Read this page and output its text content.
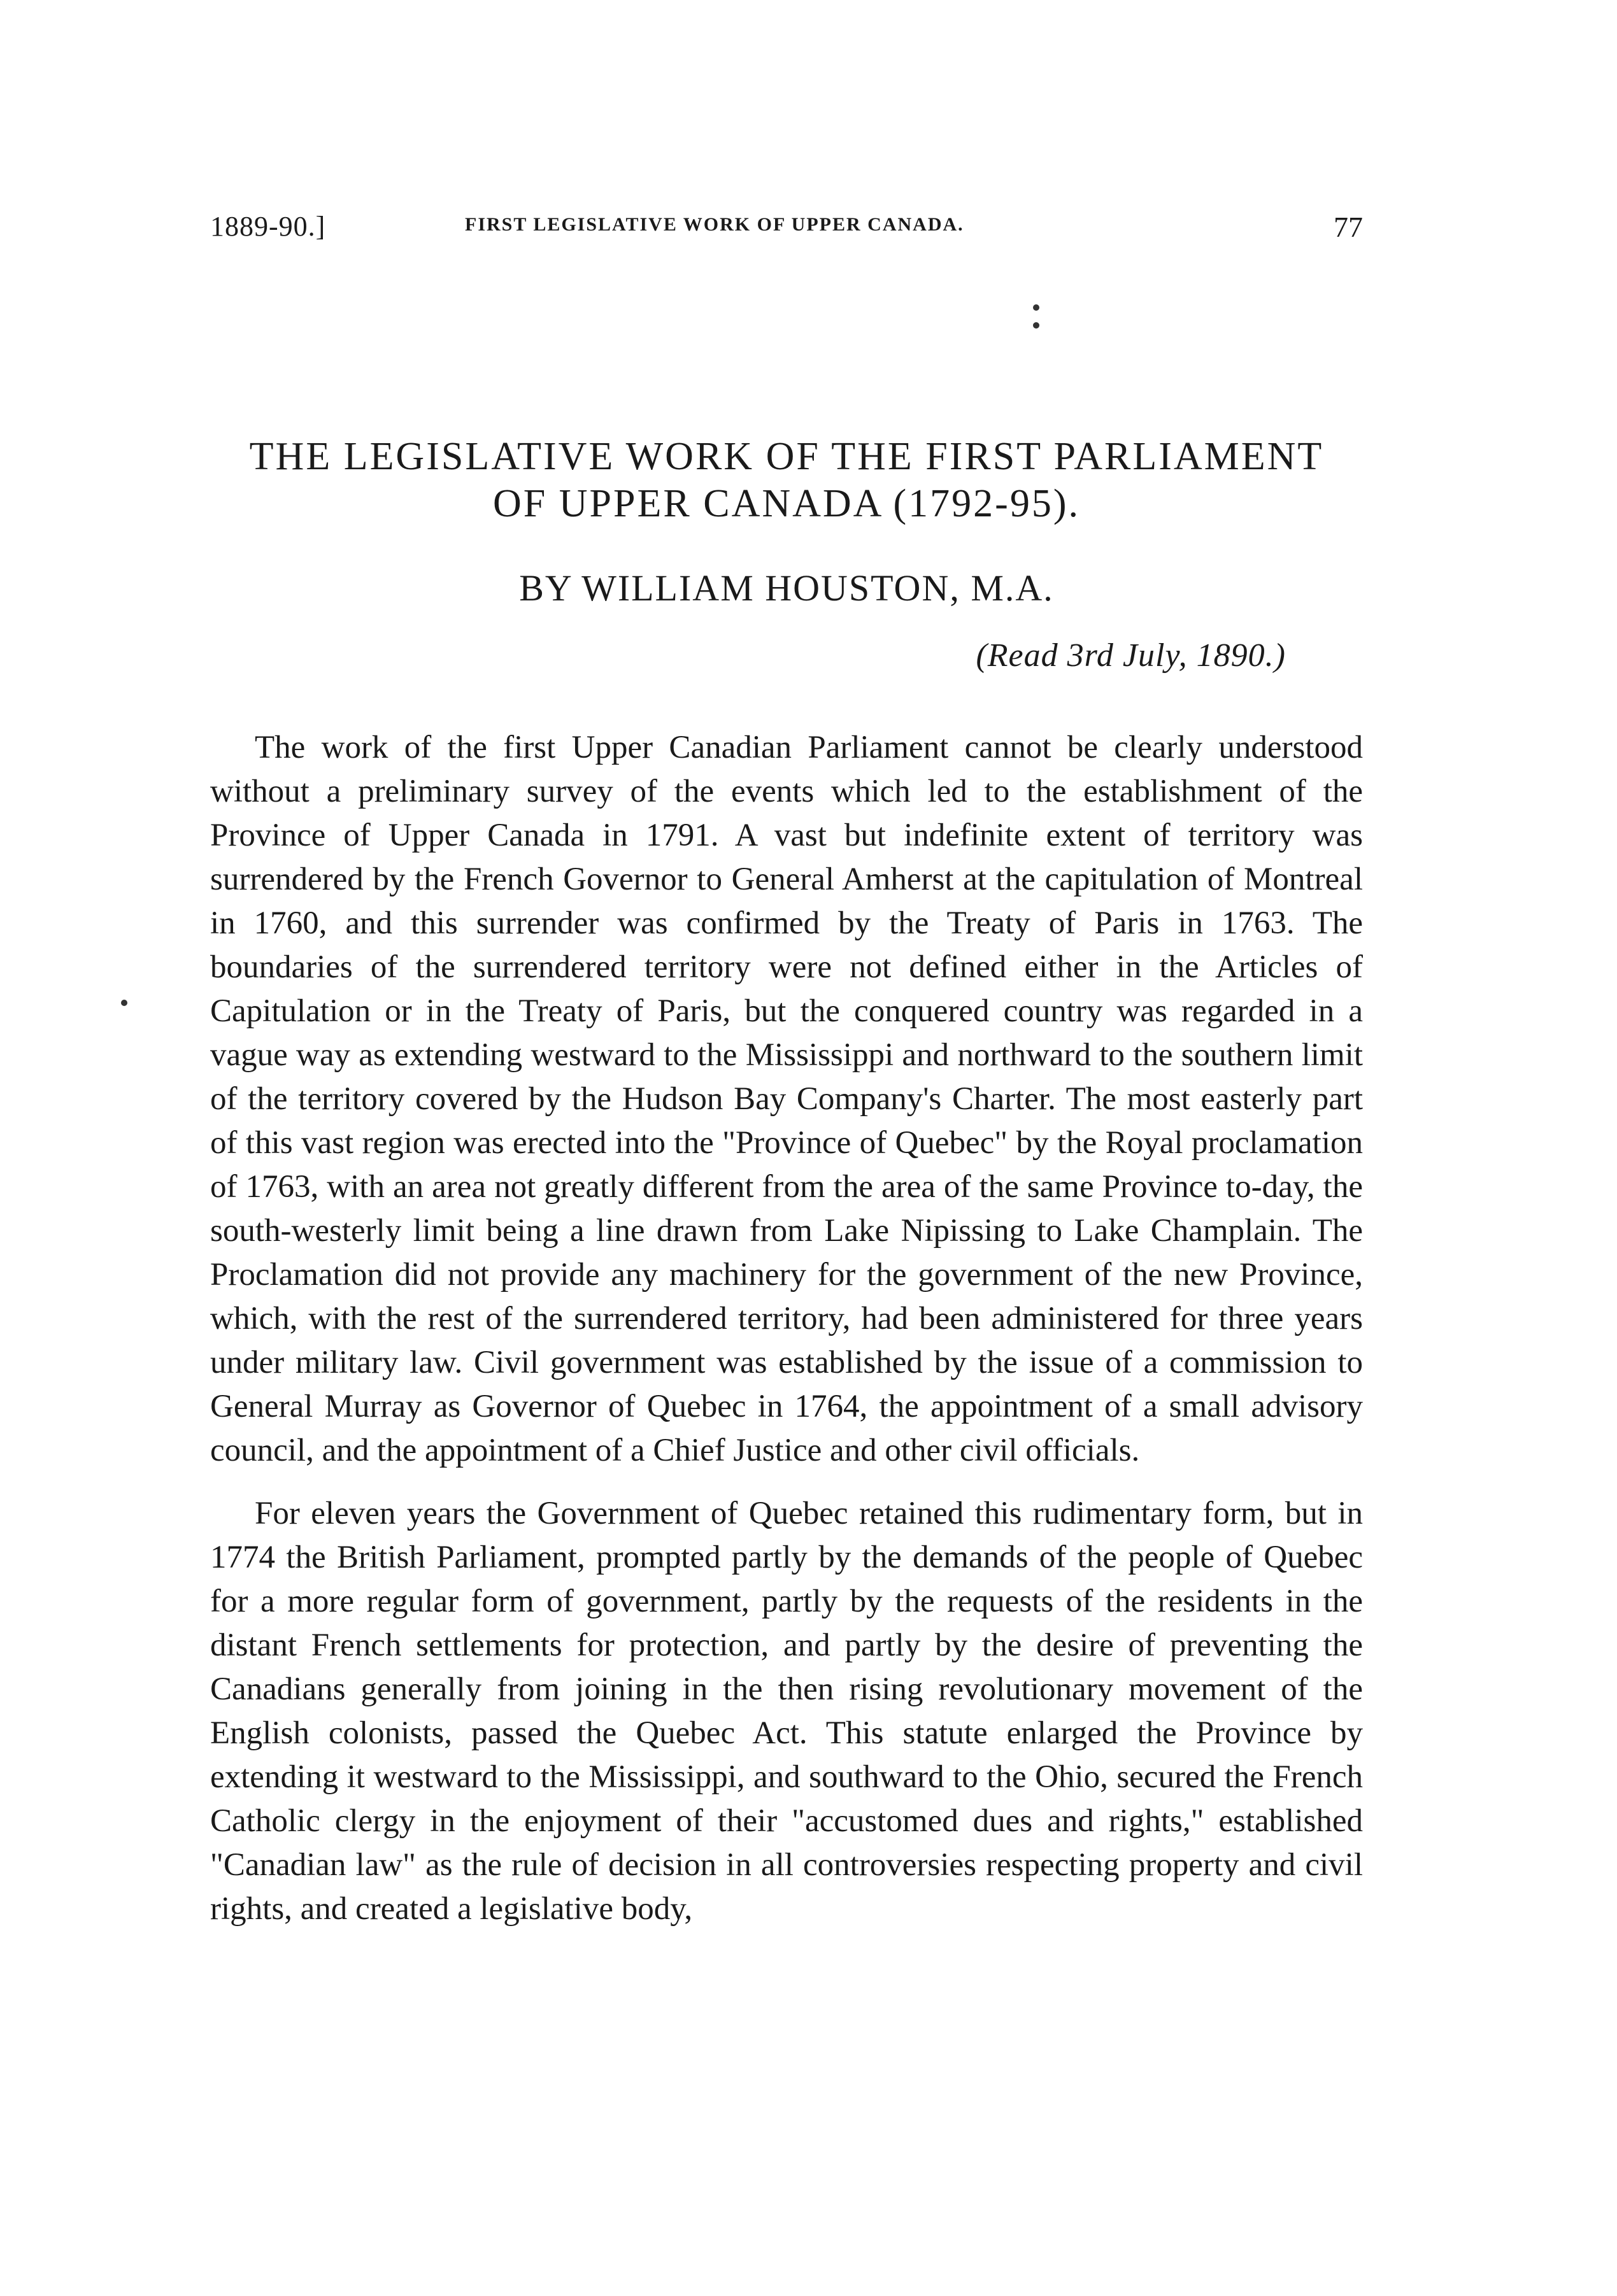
1889-90.]	FIRST LEGISLATIVE WORK OF UPPER CANADA.	77
THE LEGISLATIVE WORK OF THE FIRST PARLIAMENT
OF UPPER CANADA (1792-95).
BY WILLIAM HOUSTON, M.A.
(Read 3rd July, 1890.)

The work of the first Upper Canadian Parliament cannot be clearly understood without a preliminary survey of the events which led to the establishment of the Province of Upper Canada in 1791. A vast but indefinite extent of territory was surrendered by the French Governor to General Amherst at the capitulation of Montreal in 1760, and this surrender was confirmed by the Treaty of Paris in 1763. The boundaries of the surrendered territory were not defined either in the Articles of Capitulation or in the Treaty of Paris, but the conquered country was regarded in a vague way as extending westward to the Mississippi and northward to the southern limit of the territory covered by the Hudson Bay Company's Charter. The most easterly part of this vast region was erected into the "Province of Quebec" by the Royal proclamation of 1763, with an area not greatly different from the area of the same Province to-day, the south-westerly limit being a line drawn from Lake Nipissing to Lake Champlain. The Proclamation did not provide any machinery for the government of the new Province, which, with the rest of the surrendered territory, had been administered for three years under military law. Civil government was established by the issue of a commission to General Murray as Governor of Quebec in 1764, the appointment of a small advisory council, and the appointment of a Chief Justice and other civil officials.

For eleven years the Government of Quebec retained this rudimentary form, but in 1774 the British Parliament, prompted partly by the demands of the people of Quebec for a more regular form of government, partly by the requests of the residents in the distant French settlements for protection, and partly by the desire of preventing the Canadians generally from joining in the then rising revolutionary movement of the English colonists, passed the Quebec Act. This statute enlarged the Province by extending it westward to the Mississippi, and southward to the Ohio, secured the French Catholic clergy in the enjoyment of their "accustomed dues and rights," established "Canadian law" as the rule of decision in all controversies respecting property and civil rights, and created a legislative body,
